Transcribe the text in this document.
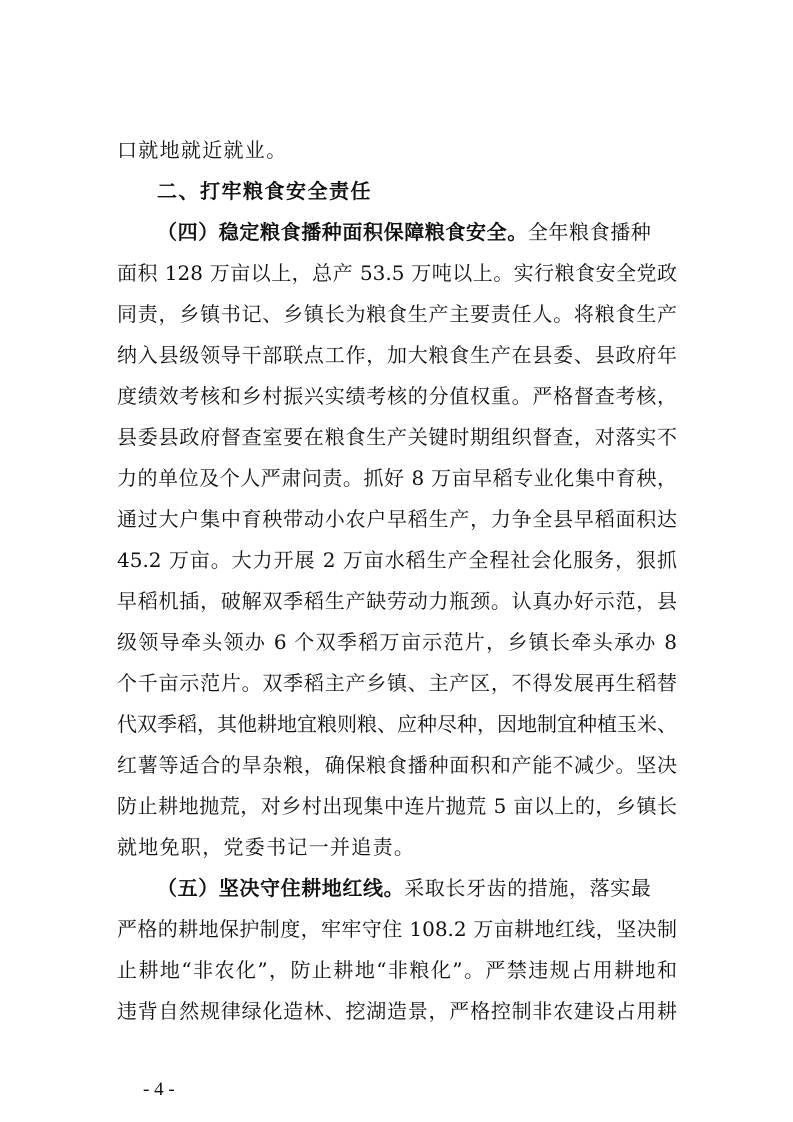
口就地就近就业。
二、打牢粮食安全责任
（四）稳定粮食播种面积保障粮食安全。全年粮食播种
面积 128 万亩以上，总产 53.5 万吨以上。实行粮食安全党政
同责，乡镇书记、乡镇长为粮食生产主要责任人。将粮食生产
纳入县级领导干部联点工作，加大粮食生产在县委、县政府年
度绩效考核和乡村振兴实绩考核的分值权重。严格督查考核，
县委县政府督查室要在粮食生产关键时期组织督查，对落实不
力的单位及个人严肃问责。抓好 8 万亩早稻专业化集中育秧，
通过大户集中育秧带动小农户早稻生产，力争全县早稻面积达
45.2 万亩。大力开展 2 万亩水稻生产全程社会化服务，狠抓
早稻机插，破解双季稻生产缺劳动力瓶颈。认真办好示范，县
级领导牵头领办 6 个双季稻万亩示范片，乡镇长牵头承办 8
个千亩示范片。双季稻主产乡镇、主产区，不得发展再生稻替
代双季稻，其他耕地宜粮则粮、应种尽种，因地制宜种植玉米、
红薯等适合的旱杂粮，确保粮食播种面积和产能不减少。坚决
防止耕地抛荒，对乡村出现集中连片抛荒 5 亩以上的，乡镇长
就地免职，党委书记一并追责。
（五）坚决守住耕地红线。采取长牙齿的措施，落实最
严格的耕地保护制度，牢牢守住 108.2 万亩耕地红线，坚决制
止耕地“非农化”，防止耕地“非粮化”。严禁违规占用耕地和
违背自然规律绿化造林、挖湖造景，严格控制非农建设占用耕
- 4 -
